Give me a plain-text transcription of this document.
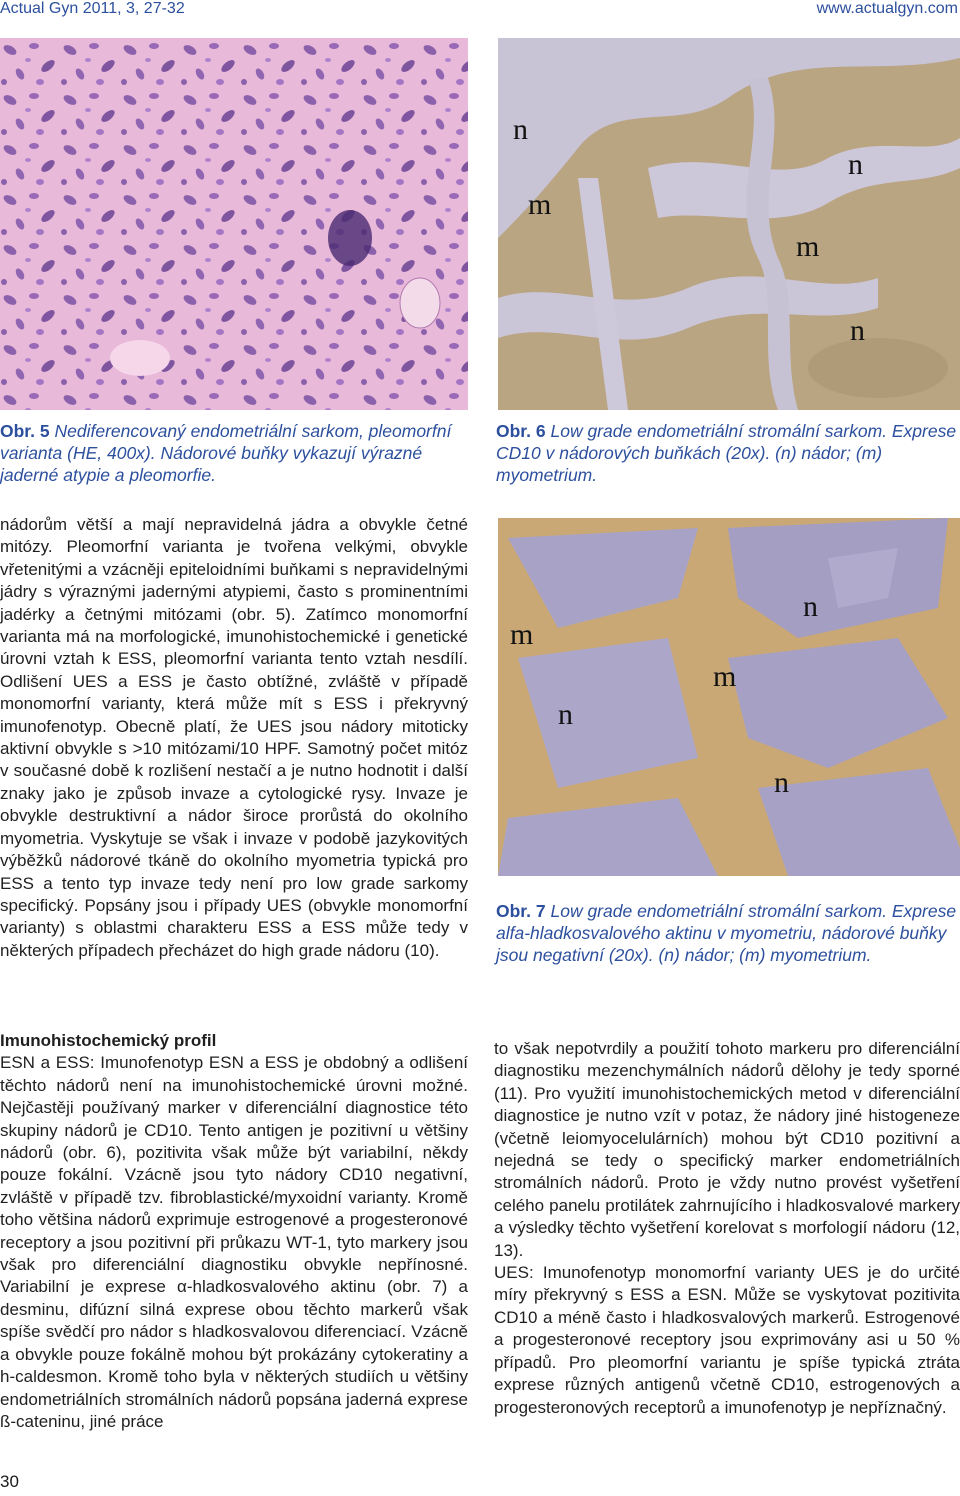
Actual Gyn 2011, 3, 27-32	www.actualgyn.com
n
m
n
m
n
Obr. 5 Nediferencovaný endometriální sarkom, pleomorfní varianta (HE, 400x). Nádorové buňky vykazují výrazné jaderné atypie a pleomorfie.
Obr. 6 Low grade endometriální stromální sarkom. Exprese CD10 v nádorových buňkách (20x). (n) nádor; (m) myometrium.

nádorům větší a mají nepravidelná jádra a obvykle četné mitózy. Pleomorfní varianta je tvořena velkými, obvykle vřetenitými a vzácněji epiteloidními buňkami s nepravidelnými jádry s výraznými jadernými atypiemi, často s prominentními jadérky a četnými mitózami (obr. 5). Zatímco monomorfní varianta má na morfologické, imunohistochemické i genetické úrovni vztah k ESS, pleomorfní varianta tento vztah nesdílí. Odlišení UES a ESS je často obtížné, zvláště v případě monomorfní varianty, která může mít s ESS i překryvný imunofenotyp. Obecně platí, že UES jsou nádory mitoticky aktivní obvykle s >10 mitózami/10 HPF. Samotný počet mitóz v současné době k rozlišení nestačí a je nutno hodnotit i další znaky jako je způsob invaze a cytologické rysy. Invaze je obvykle destruktivní a nádor široce prorůstá do okolního myometria. Vyskytuje se však i invaze v podobě jazykovitých výběžků nádorové tkáně do okolního myometria typická pro ESS a tento typ invaze tedy není pro low grade sarkomy specifický. Popsány jsou i případy UES (obvykle monomorfní varianty) s oblastmi charakteru ESS a ESS může tedy v některých případech přecházet do high grade nádoru (10).

m
n
m
n
n
Obr. 7 Low grade endometriální stromální sarkom. Exprese alfa-hladkosvalového aktinu v myometriu, nádorové buňky jsou negativní (20x). (n) nádor; (m) myometrium.

Imunohistochemický profil

ESN a ESS: Imunofenotyp ESN a ESS je obdobný a odlišení těchto nádorů není na imunohistochemické úrovni možné. Nejčastěji používaný marker v diferenciální diagnostice této skupiny nádorů je CD10. Tento antigen je pozitivní u většiny nádorů (obr. 6), pozitivita však může být variabilní, někdy pouze fokální. Vzácně jsou tyto nádory CD10 negativní, zvláště v případě tzv. fibroblastické/myxoidní varianty. Kromě toho většina nádorů exprimuje estrogenové a progesteronové receptory a jsou pozitivní při průkazu WT-1, tyto markery jsou však pro diferenciální diagnostiku obvykle nepřínosné. Variabilní je exprese α-hladkosvalového aktinu (obr. 7) a desminu, difúzní silná exprese obou těchto markerů však spíše svědčí pro nádor s hladkosvalovou diferenciací. Vzácně a obvykle pouze fokálně mohou být prokázány cytokeratiny a h-caldesmon. Kromě toho byla v některých studiích u většiny endometriálních stromálních nádorů popsána jaderná exprese ß-cateninu, jiné práce

to však nepotvrdily a použití tohoto markeru pro diferenciální diagnostiku mezenchymálních nádorů dělohy je tedy sporné (11). Pro využití imunohistochemických metod v diferenciální diagnostice je nutno vzít v potaz, že nádory jiné histogeneze (včetně leiomyocelulárních) mohou být CD10 pozitivní a nejedná se tedy o specifický marker endometriálních stromálních nádorů. Proto je vždy nutno provést vyšetření celého panelu protilátek zahrnujícího i hladkosvalové markery a výsledky těchto vyšetření korelovat s morfologií nádoru (12, 13).

UES: Imunofenotyp monomorfní varianty UES je do určité míry překryvný s ESS a ESN. Může se vyskytovat pozitivita CD10 a méně často i hladkosvalových markerů. Estrogenové a progesteronové receptory jsou exprimovány asi u 50 % případů. Pro pleomorfní variantu je spíše typická ztráta exprese různých antigenů včetně CD10, estrogenových a progesteronových receptorů a imunofenotyp je nepříznačný.

30
